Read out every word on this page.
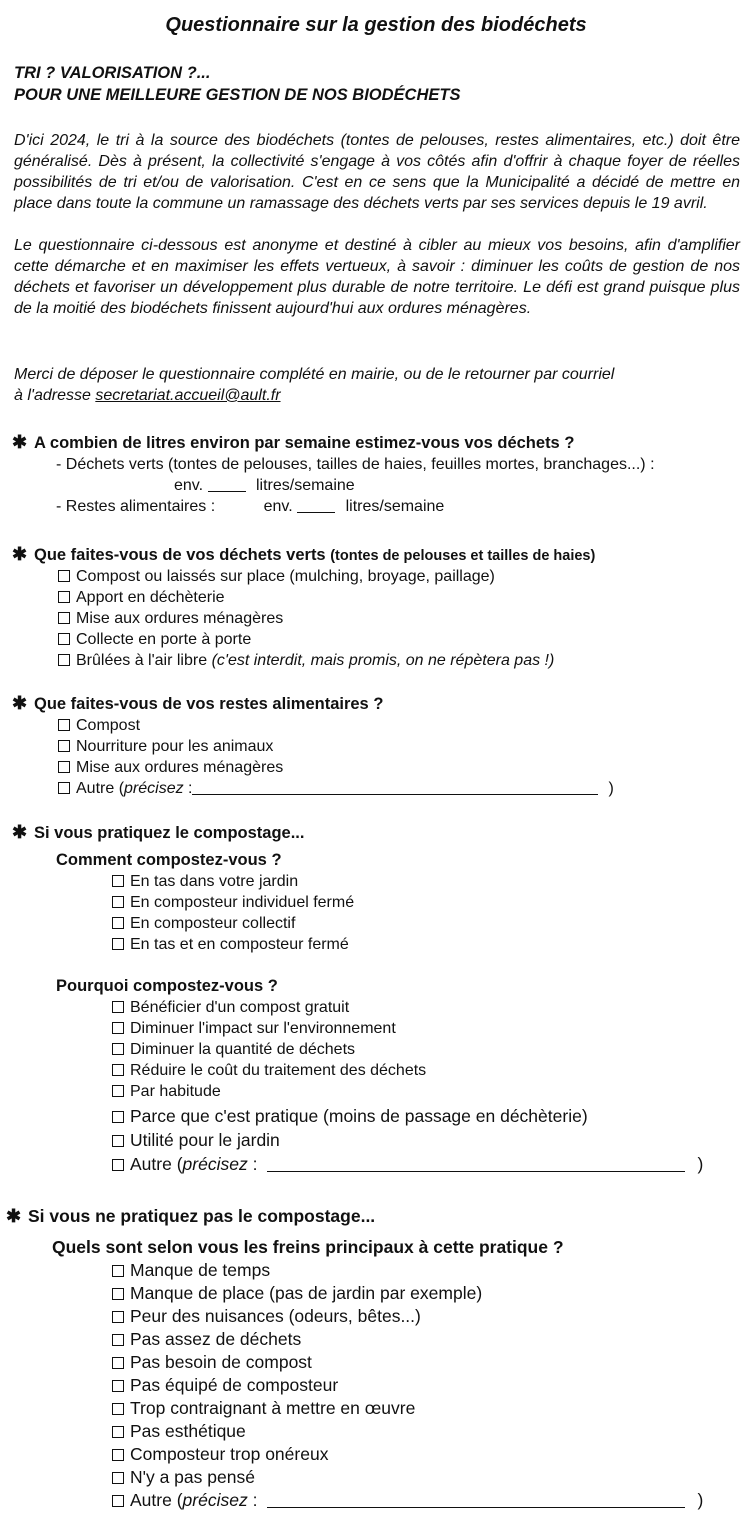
Questionnaire sur la gestion des biodéchets
TRI ? VALORISATION ?...
POUR UNE MEILLEURE GESTION DE NOS BIODÉCHETS
D'ici 2024, le tri à la source des biodéchets (tontes de pelouses, restes alimentaires, etc.) doit être généralisé. Dès à présent, la collectivité s'engage à vos côtés afin d'offrir à chaque foyer de réelles possibilités de tri et/ou de valorisation. C'est en ce sens que la Municipalité a décidé de mettre en place dans toute la commune un ramassage des déchets verts par ses services depuis le 19 avril.
Le questionnaire ci-dessous est anonyme et destiné à cibler au mieux vos besoins, afin d'amplifier cette démarche et en maximiser les effets vertueux, à savoir : diminuer les coûts de gestion de nos déchets et favoriser un développement plus durable de notre territoire. Le défi est grand puisque plus de la moitié des biodéchets finissent aujourd'hui aux ordures ménagères.
Merci de déposer le questionnaire complété en mairie, ou de le retourner par courriel
à l'adresse secretariat.accueil@ault.fr
✱ A combien de litres environ par semaine estimez-vous vos déchets ?
- Déchets verts (tontes de pelouses, tailles de haies, feuilles mortes, branchages...) :
env.	litres/semaine
- Restes alimentaires :	env.	litres/semaine
✱ Que faites-vous de vos déchets verts (tontes de pelouses et tailles de haies)
Compost ou laissés sur place (mulching, broyage, paillage)
Apport en déchèterie
Mise aux ordures ménagères
Collecte en porte à porte
Brûlées à l'air libre (c'est interdit, mais promis, on ne répètera pas !)
✱ Que faites-vous de vos restes alimentaires ?
Compost
Nourriture pour les animaux
Mise aux ordures ménagères
Autre (précisez :	)
✱ Si vous pratiquez le compostage...
Comment compostez-vous ?
En tas dans votre jardin
En composteur individuel fermé
En composteur collectif
En tas et en composteur fermé
Pourquoi compostez-vous ?
Bénéficier d'un compost gratuit
Diminuer l'impact sur l'environnement
Diminuer la quantité de déchets
Réduire le coût du traitement des déchets
Par habitude
Parce que c'est pratique (moins de passage en déchèterie)
Utilité pour le jardin
Autre (précisez :	)
✱ Si vous ne pratiquez pas le compostage...
Quels sont selon vous les freins principaux à cette pratique ?
Manque de temps
Manque de place (pas de jardin par exemple)
Peur des nuisances (odeurs, bêtes...)
Pas assez de déchets
Pas besoin de compost
Pas équipé de composteur
Trop contraignant à mettre en œuvre
Pas esthétique
Composteur trop onéreux
N'y a pas pensé
Autre (précisez :	)
